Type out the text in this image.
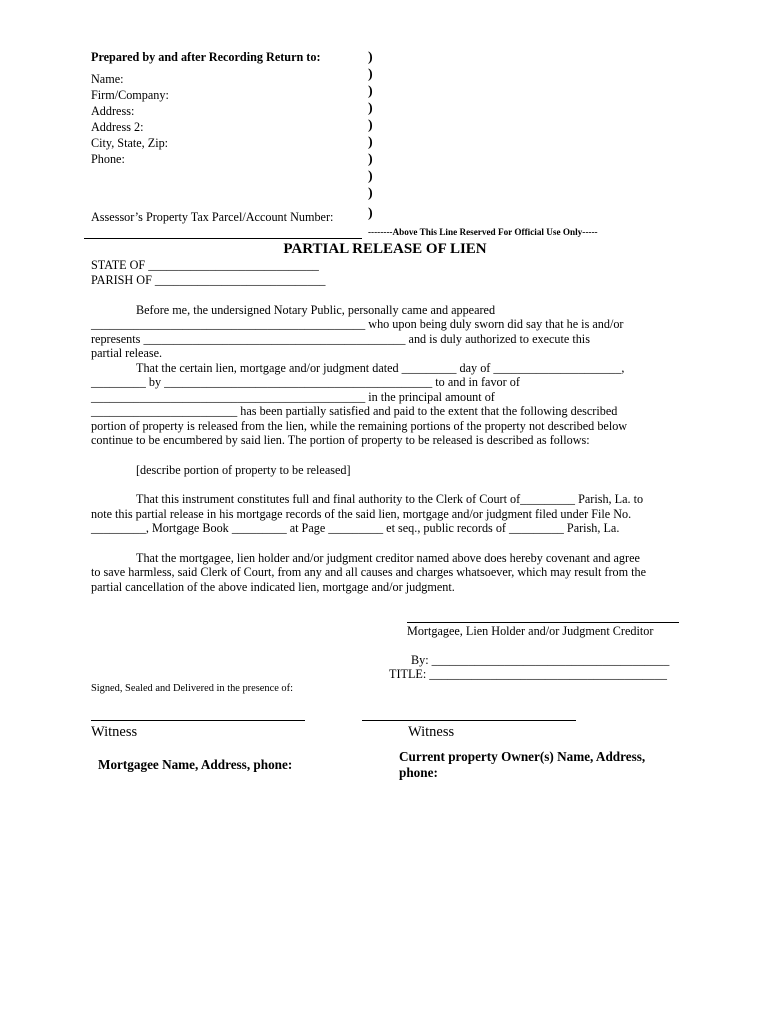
Prepared by and after Recording Return to:
Name:
Firm/Company:
Address:
Address 2:
City, State, Zip:
Phone:
Assessor’s Property Tax Parcel/Account Number:
)
)
)
)
)
)
)
)
)
)
--------Above This Line Reserved For Official Use Only-----
PARTIAL RELEASE OF LIEN
STATE OF ____________________________
PARISH OF ____________________________
Before me, the undersigned Notary Public, personally came and appeared
_____________________________________________ who upon being duly sworn did say that he is and/or
represents ___________________________________________ and is duly authorized to execute this
partial release.
That the certain lien, mortgage and/or judgment dated _________ day of _____________________,
_________ by ____________________________________________ to and in favor of
_____________________________________________ in the principal amount of
________________________ has been partially satisfied and paid to the extent that the following described
portion of property is released from the lien, while the remaining portions of the property not described below
continue to be encumbered by said lien. The portion of property to be released is described as follows:
[describe portion of property to be released]
That this instrument constitutes full and final authority to the Clerk of Court of_________ Parish, La. to
note this partial release in his mortgage records of the said lien, mortgage and/or judgment filed under File No.
_________, Mortgage Book _________ at Page _________ et seq., public records of _________ Parish, La.
That the mortgagee, lien holder and/or judgment creditor named above does hereby covenant and agree
to save harmless, said Clerk of Court, from any and all causes and charges whatsoever, which may result from the
partial cancellation of the above indicated lien, mortgage and/or judgment.
Mortgagee, Lien Holder and/or Judgment Creditor
By: _______________________________________
TITLE: _______________________________________
Signed, Sealed and Delivered in the presence of:
Witness	Witness
Mortgagee Name, Address, phone:
Current property Owner(s) Name, Address,
phone:
